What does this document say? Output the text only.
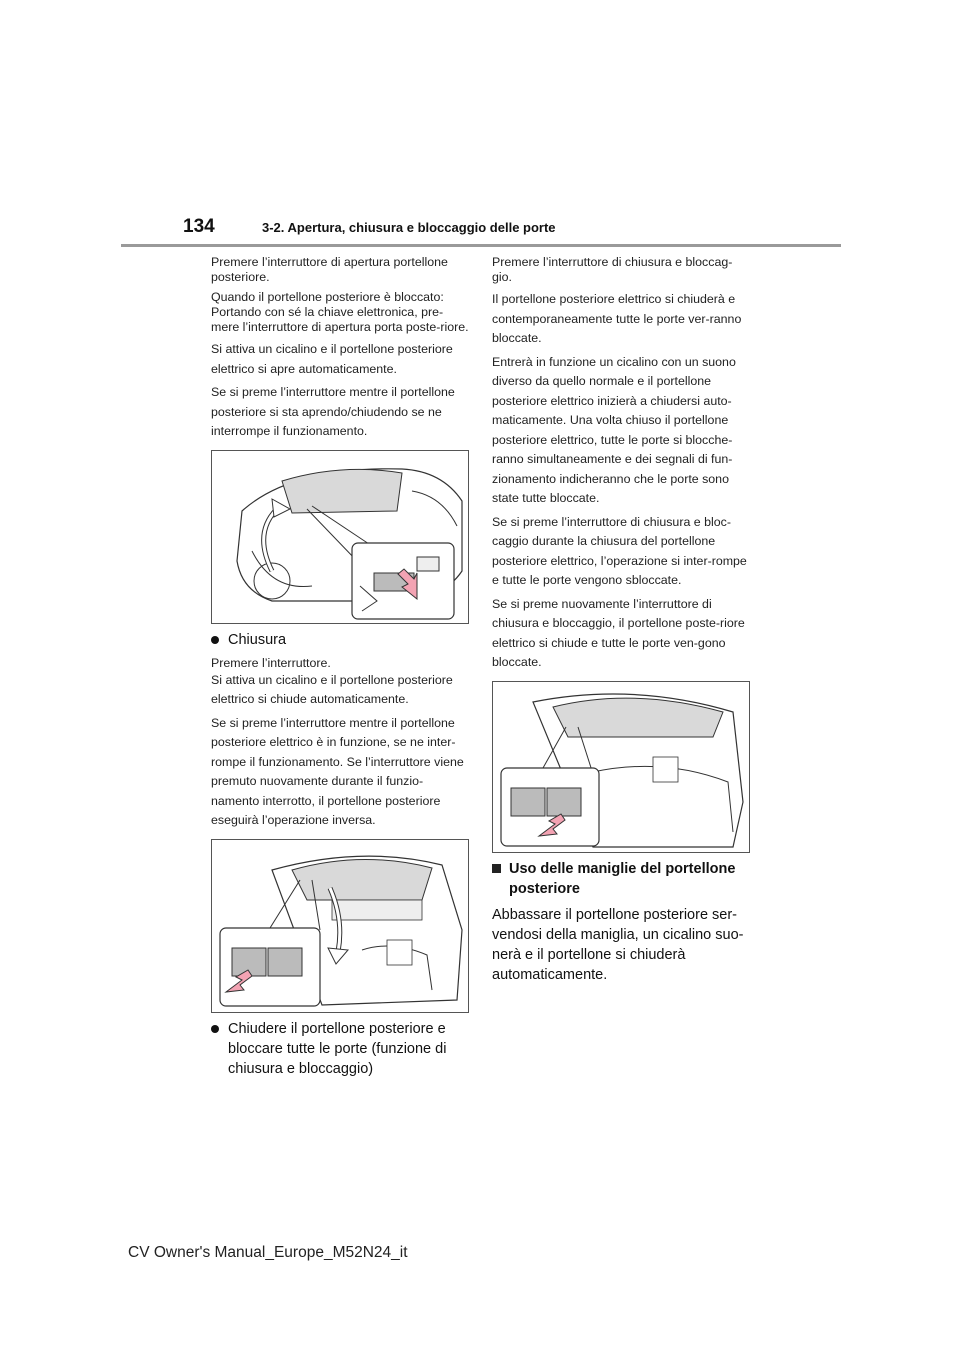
134	3-2. Apertura, chiusura e bloccaggio delle porte

Premere l’interruttore di apertura portellone posteriore.

Quando il portellone posteriore è bloccato: Portando con sé la chiave elettronica, pre-mere l’interruttore di apertura porta poste-riore.

Si attiva un cicalino e il portellone posteriore elettrico si apre automaticamente.

Se si preme l’interruttore mentre il portellone posteriore si sta aprendo/chiudendo se ne interrompe il funzionamento.

Chiusura

Premere l’interruttore.

Si attiva un cicalino e il portellone posteriore elettrico si chiude automaticamente.

Se si preme l’interruttore mentre il portellone posteriore elettrico è in funzione, se ne inter-rompe il funzionamento. Se l’interruttore viene premuto nuovamente durante il funzio-namento interrotto, il portellone posteriore eseguirà l’operazione inversa.

Chiudere il portellone posteriore e bloccare tutte le porte (funzione di chiusura e bloccaggio)

Premere l’interruttore di chiusura e bloccag-gio.

Il portellone posteriore elettrico si chiuderà e contemporaneamente tutte le porte ver-ranno bloccate.

Entrerà in funzione un cicalino con un suono diverso da quello normale e il portellone posteriore elettrico inizierà a chiudersi auto-maticamente. Una volta chiuso il portellone posteriore elettrico, tutte le porte si blocche-ranno simultaneamente e dei segnali di fun-zionamento indicheranno che le porte sono state tutte bloccate.

Se si preme l’interruttore di chiusura e bloc-caggio durante la chiusura del portellone posteriore elettrico, l’operazione si inter-rompe e tutte le porte vengono sbloccate.

Se si preme nuovamente l’interruttore di chiusura e bloccaggio, il portellone poste-riore elettrico si chiude e tutte le porte ven-gono bloccate.

Uso delle maniglie del portellone posteriore

Abbassare il portellone posteriore ser-vendosi della maniglia, un cicalino suo-nerà e il portellone si chiuderà automaticamente.

CV Owner's Manual_Europe_M52N24_it
